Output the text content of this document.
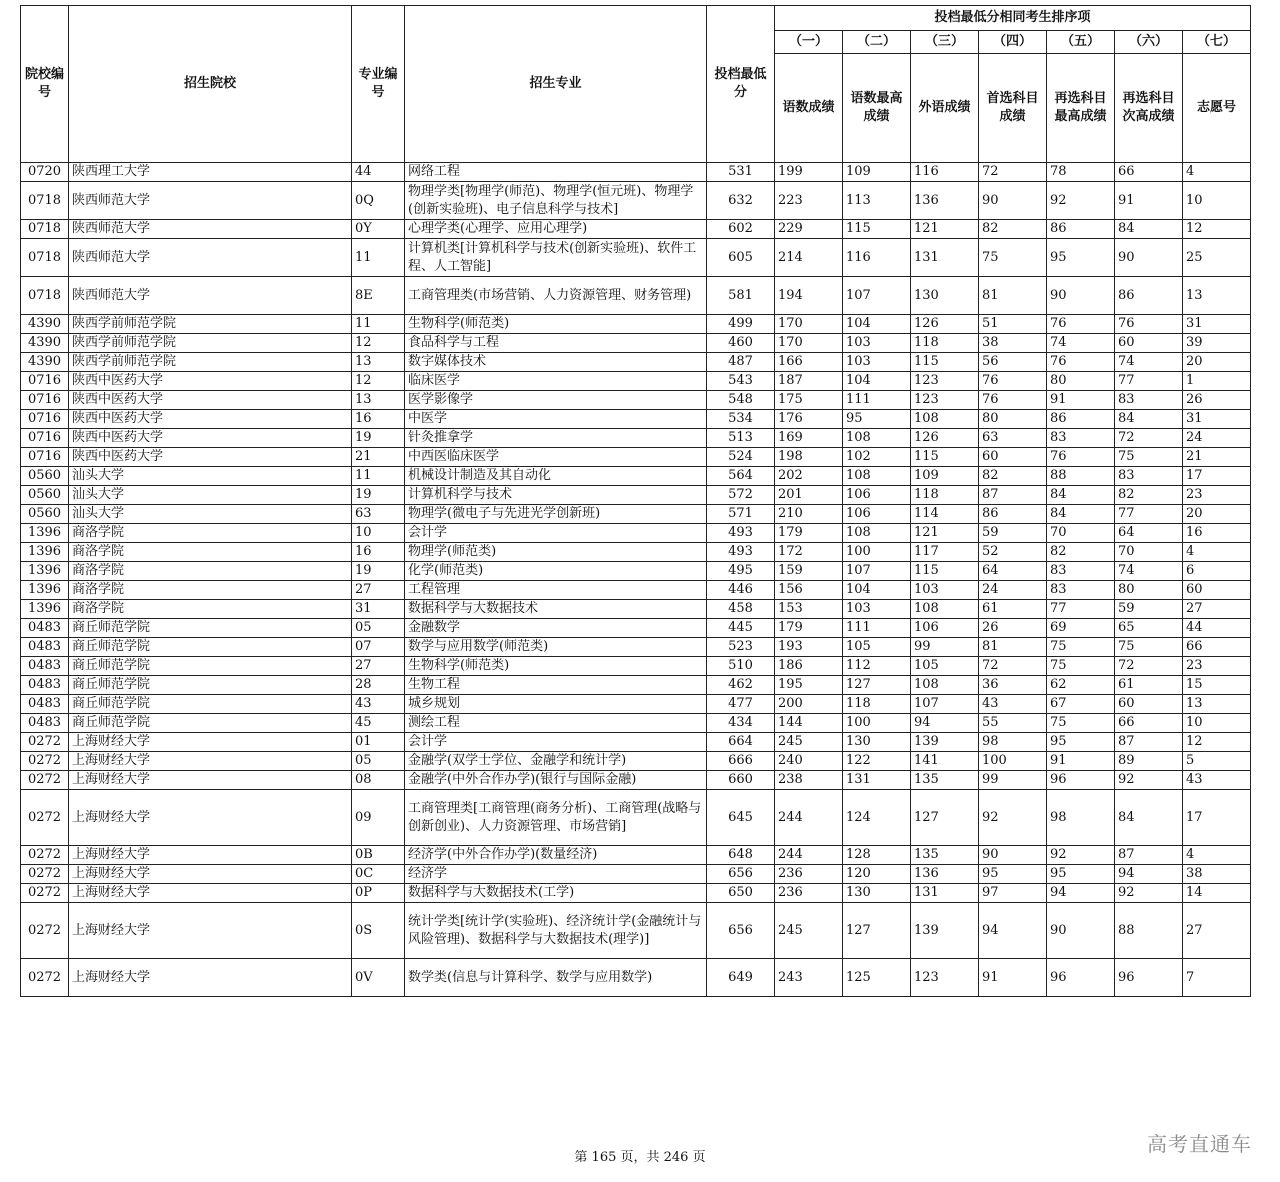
院校编号	招生院校	专业编号	招生专业	投档最低分	投档最低分相同考生排序项						
					（一）	（二）	（三）	（四）	（五）	（六）	（七）
					语数成绩	语数最高成绩	外语成绩	首选科目成绩	再选科目最高成绩	再选科目次高成绩	志愿号
0720	陕西理工大学	44	网络工程	531	199	109	116	72	78	66	4
0718	陕西师范大学	0Q	物理学类[物理学(师范)、物理学(恒元班)、物理学(创新实验班)、电子信息科学与技术]	632	223	113	136	90	92	91	10
0718	陕西师范大学	0Y	心理学类(心理学、应用心理学)	602	229	115	121	82	86	84	12
0718	陕西师范大学	11	计算机类[计算机科学与技术(创新实验班)、软件工程、人工智能]	605	214	116	131	75	95	90	25
0718	陕西师范大学	8E	工商管理类(市场营销、人力资源管理、财务管理)	581	194	107	130	81	90	86	13
4390	陕西学前师范学院	11	生物科学(师范类)	499	170	104	126	51	76	76	31
4390	陕西学前师范学院	12	食品科学与工程	460	170	103	118	38	74	60	39
4390	陕西学前师范学院	13	数字媒体技术	487	166	103	115	56	76	74	20
0716	陕西中医药大学	12	临床医学	543	187	104	123	76	80	77	1
0716	陕西中医药大学	13	医学影像学	548	175	111	123	76	91	83	26
0716	陕西中医药大学	16	中医学	534	176	95	108	80	86	84	31
0716	陕西中医药大学	19	针灸推拿学	513	169	108	126	63	83	72	24
0716	陕西中医药大学	21	中西医临床医学	524	198	102	115	60	76	75	21
0560	汕头大学	11	机械设计制造及其自动化	564	202	108	109	82	88	83	17
0560	汕头大学	19	计算机科学与技术	572	201	106	118	87	84	82	23
0560	汕头大学	63	物理学(微电子与先进光学创新班)	571	210	106	114	86	84	77	20
1396	商洛学院	10	会计学	493	179	108	121	59	70	64	16
1396	商洛学院	16	物理学(师范类)	493	172	100	117	52	82	70	4
1396	商洛学院	19	化学(师范类)	495	159	107	115	64	83	74	6
1396	商洛学院	27	工程管理	446	156	104	103	24	83	80	60
1396	商洛学院	31	数据科学与大数据技术	458	153	103	108	61	77	59	27
0483	商丘师范学院	05	金融数学	445	179	111	106	26	69	65	44
0483	商丘师范学院	07	数学与应用数学(师范类)	523	193	105	99	81	75	75	66
0483	商丘师范学院	27	生物科学(师范类)	510	186	112	105	72	75	72	23
0483	商丘师范学院	28	生物工程	462	195	127	108	36	62	61	15
0483	商丘师范学院	43	城乡规划	477	200	118	107	43	67	60	13
0483	商丘师范学院	45	测绘工程	434	144	100	94	55	75	66	10
0272	上海财经大学	01	会计学	664	245	130	139	98	95	87	12
0272	上海财经大学	05	金融学(双学士学位、金融学和统计学)	666	240	122	141	100	91	89	5
0272	上海财经大学	08	金融学(中外合作办学)(银行与国际金融)	660	238	131	135	99	96	92	43
0272	上海财经大学	09	工商管理类[工商管理(商务分析)、工商管理(战略与创新创业)、人力资源管理、市场营销]	645	244	124	127	92	98	84	17
0272	上海财经大学	0B	经济学(中外合作办学)(数量经济)	648	244	128	135	90	92	87	4
0272	上海财经大学	0C	经济学	656	236	120	136	95	95	94	38
0272	上海财经大学	0P	数据科学与大数据技术(工学)	650	236	130	131	97	94	92	14
0272	上海财经大学	0S	统计学类[统计学(实验班)、经济统计学(金融统计与风险管理)、数据科学与大数据技术(理学)]	656	245	127	139	94	90	88	27
0272	上海财经大学	0V	数学类(信息与计算科学、数学与应用数学)	649	243	125	123	91	96	96	7
第 165 页，共 246 页
高考直通车
